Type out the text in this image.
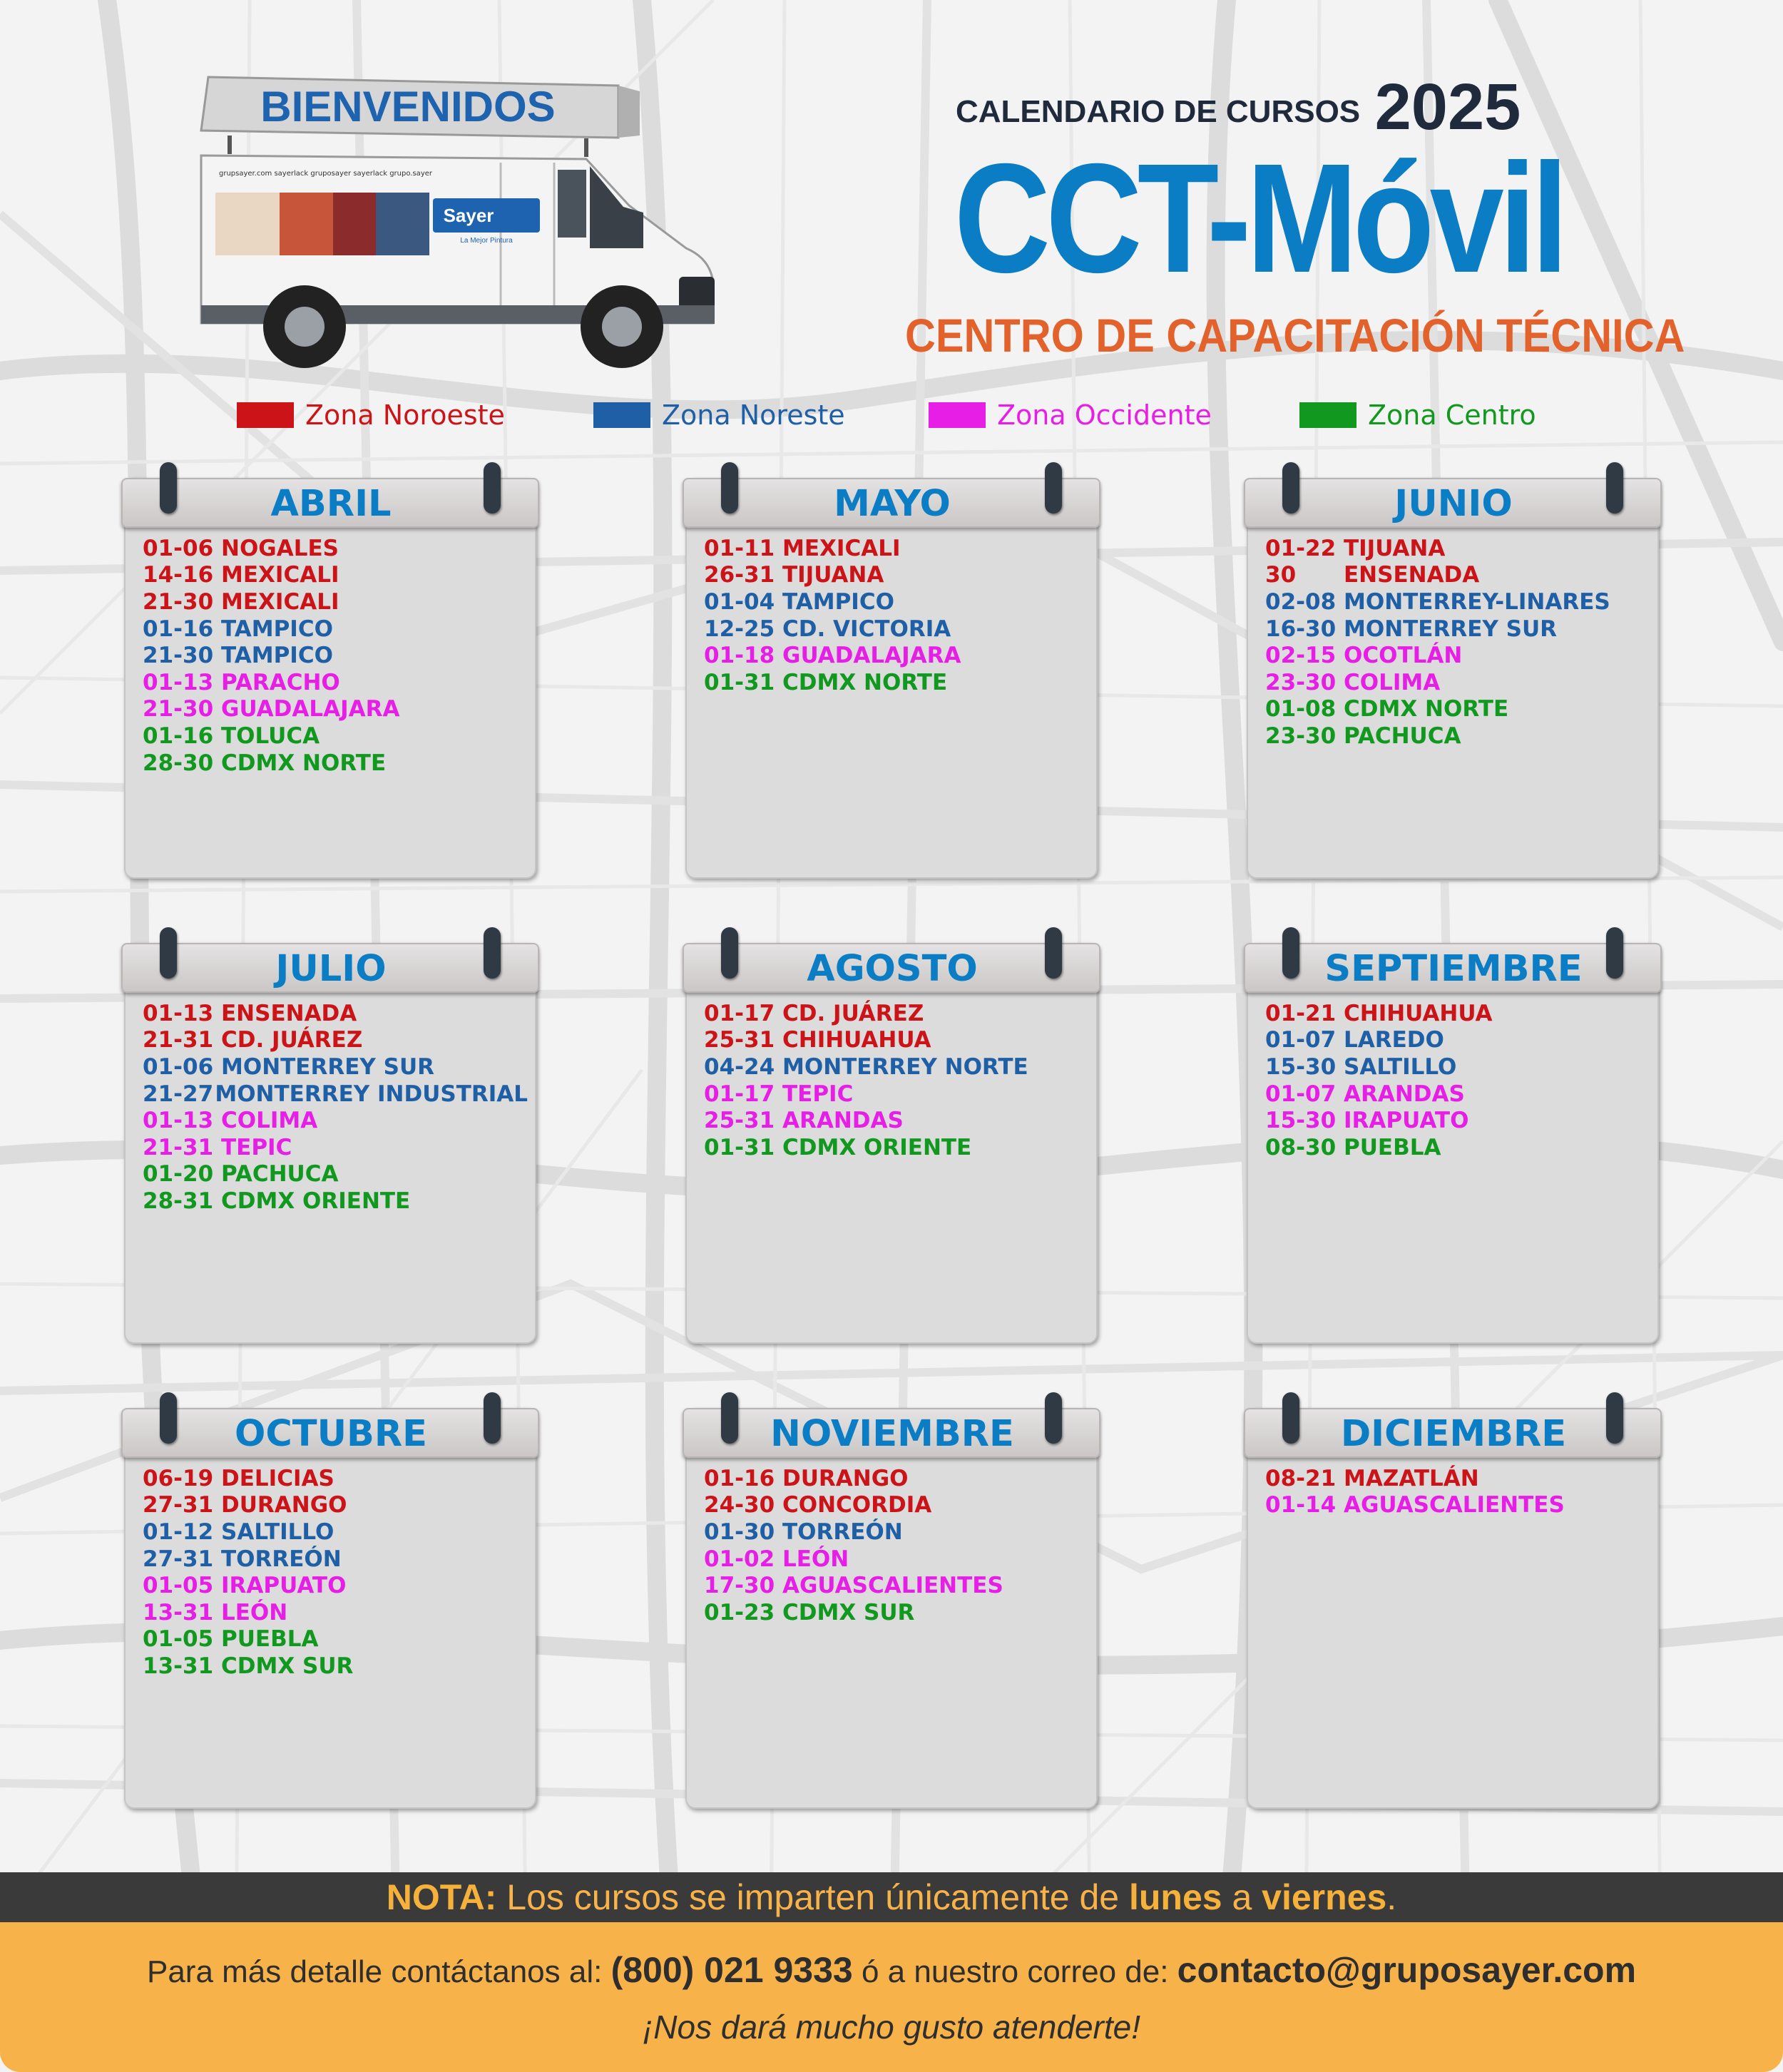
BIENVENIDOS
grupsayer.com sayerlack gruposayer sayerlack grupo.sayer
Sayer
La Mejor Pintura
CALENDARIO DE CURSOS 2025
CCT-Móvil
CENTRO DE CAPACITACIÓN TÉCNICA
Zona Noroeste	Zona Noreste	Zona Occidente	Zona Centro
ABRIL
01-06 NOGALES
14-16 MEXICALI
21-30 MEXICALI
01-16 TAMPICO
21-30 TAMPICO
01-13 PARACHO
21-30 GUADALAJARA
01-16 TOLUCA
28-30 CDMX NORTE
MAYO
01-11 MEXICALI
26-31 TIJUANA
01-04 TAMPICO
12-25 CD. VICTORIA
01-18 GUADALAJARA
01-31 CDMX NORTE
JUNIO
01-22 TIJUANA
30	ENSENADA
02-08 MONTERREY-LINARES
16-30 MONTERREY SUR
02-15 OCOTLÁN
23-30 COLIMA
01-08 CDMX NORTE
23-30 PACHUCA
JULIO
01-13 ENSENADA
21-31 CD. JUÁREZ
01-06 MONTERREY SUR
21-27 MONTERREY INDUSTRIAL
01-13 COLIMA
21-31 TEPIC
01-20 PACHUCA
28-31 CDMX ORIENTE
AGOSTO
01-17 CD. JUÁREZ
25-31 CHIHUAHUA
04-24 MONTERREY NORTE
01-17 TEPIC
25-31 ARANDAS
01-31 CDMX ORIENTE
SEPTIEMBRE
01-21 CHIHUAHUA
01-07 LAREDO
15-30 SALTILLO
01-07 ARANDAS
15-30 IRAPUATO
08-30 PUEBLA
OCTUBRE
06-19 DELICIAS
27-31 DURANGO
01-12 SALTILLO
27-31 TORREÓN
01-05 IRAPUATO
13-31 LEÓN
01-05 PUEBLA
13-31 CDMX SUR
NOVIEMBRE
01-16 DURANGO
24-30 CONCORDIA
01-30 TORREÓN
01-02 LEÓN
17-30 AGUASCALIENTES
01-23 CDMX SUR
DICIEMBRE
08-21 MAZATLÁN
01-14 AGUASCALIENTES
NOTA: Los cursos se imparten únicamente de lunes a viernes.
Para más detalle contáctanos al: (800) 021 9333 ó a nuestro correo de: contacto@gruposayer.com
¡Nos dará mucho gusto atenderte!
